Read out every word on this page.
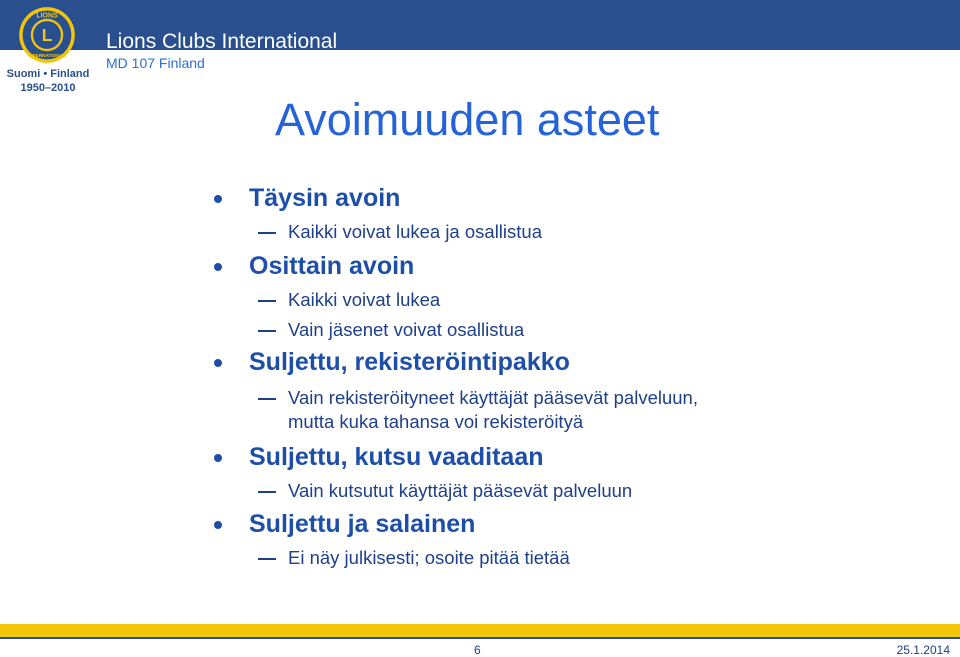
L
LIONS
INTERNATIONAL
Suomi • Finland
1950–2010
Lions Clubs International
MD 107 Finland
Avoimuuden asteet
Täysin avoin
Kaikki voivat lukea ja osallistua
Osittain avoin
Kaikki voivat lukea
Vain jäsenet voivat osallistua
Suljettu, rekisteröintipakko
Vain rekisteröityneet käyttäjät pääsevät palveluun,
mutta kuka tahansa voi rekisteröityä
Suljettu, kutsu vaaditaan
Vain kutsutut käyttäjät pääsevät palveluun
Suljettu ja salainen
Ei näy julkisesti; osoite pitää tietää
6	25.1.2014
